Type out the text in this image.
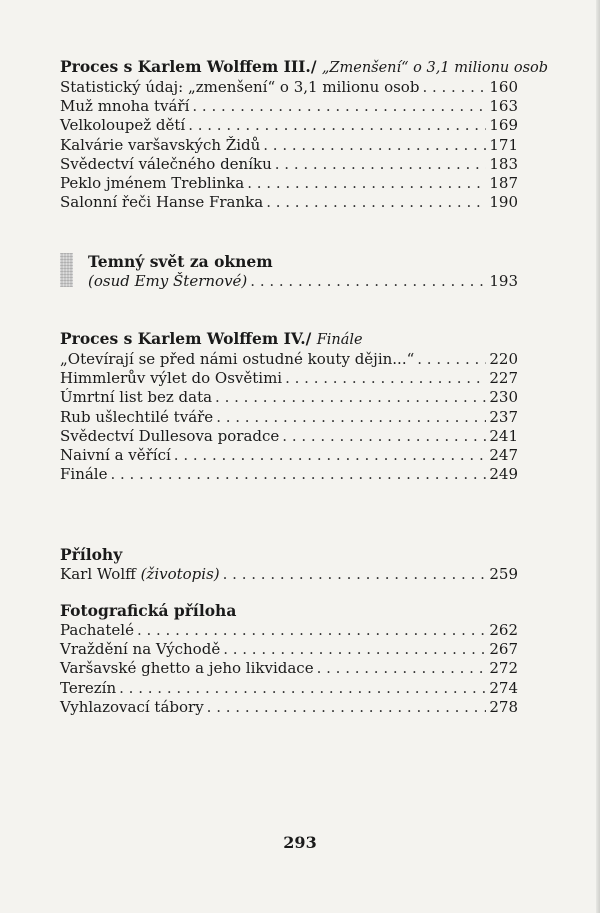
Proces s Karlem Wolffem III./ „Zmenšení“ o 3,1 milionu osob
Statistický údaj: „zmenšení“ o 3,1 milionu osob . . .	160
Muž mnoha tváří . . .	163
Velkoloupež dětí . . .	169
Kalvárie varšavských Židů . . .	171
Svědectví válečného deníku . . .	183
Peklo jménem Treblinka . . .	187
Salonní řeči Hanse Franka . . .	190
Temný svět za oknem
(osud Emy Šternové) . . .	193
Proces s Karlem Wolffem IV./ Finále
„Otevírají se před námi ostudné kouty dějin...“ . . .	220
Himmlerův výlet do Osvětimi . . .	227
Úmrtní list bez data . . .	230
Rub ušlechtilé tváře . . .	237
Svědectví Dullesova poradce . . .	241
Naivní a věřící . . .	247
Finále . . .	249
Přílohy
Karl Wolff (životopis) . . .	259
Fotografická příloha
Pachatelé . . .	262
Vraždění na Východě . . .	267
Varšavské ghetto a jeho likvidace . . .	272
Terezín . . .	274
Vyhlazovací tábory . . .	278
293
